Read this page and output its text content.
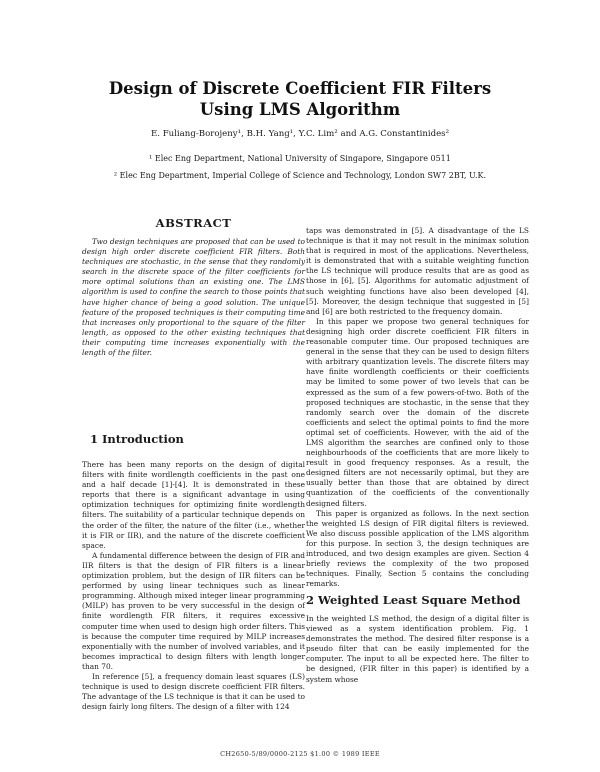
Design of Discrete Coefficient FIR Filters
Using LMS Algorithm
E. Fuliang-Borojeny¹, B.H. Yang¹, Y.C. Lim² and A.G. Constantinides²
¹ Elec Eng Department, National University of Singapore, Singapore 0511
² Elec Eng Department, Imperial College of Science and Technology, London SW7 2BT, U.K.
ABSTRACT

Two design techniques are proposed that can be used to design high order discrete coefficient FIR filters. Both techniques are stochastic, in the sense that they randomly search in the discrete space of the filter coefficients for more optimal solutions than an existing one. The LMS algorithm is used to confine the search to those points that have higher chance of being a good solution. The unique feature of the proposed techniques is their computing time that increases only proportional to the square of the filter length, as opposed to the other existing techniques that their computing time increases exponentially with the length of the filter.

1 Introduction

There has been many reports on the design of digital filters with finite wordlength coefficients in the past one and a half decade [1]-[4]. It is demonstrated in these reports that there is a significant advantage in using optimization techniques for optimizing finite wordlength filters. The suitability of a particular technique depends on the order of the filter, the nature of the filter (i.e., whether it is FIR or IIR), and the nature of the discrete coefficient space.

A fundamental difference between the design of FIR and IIR filters is that the design of FIR filters is a linear optimization problem, but the design of IIR filters can be performed by using linear techniques such as linear programming. Although mixed integer linear programming (MILP) has proven to be very successful in the design of finite wordlength FIR filters, it requires excessive computer time when used to design high order filters. This is because the computer time required by MILP increases exponentially with the number of involved variables, and it becomes impractical to design filters with length longer than 70.

In reference [5], a frequency domain least squares (LS) technique is used to design discrete coefficient FIR filters. The advantage of the LS technique is that it can be used to design fairly long filters. The design of a filter with 124

taps was demonstrated in [5]. A disadvantage of the LS technique is that it may not result in the minimax solution that is required in most of the applications. Nevertheless, it is demonstrated that with a suitable weighting function the LS technique will produce results that are as good as those in [6], [5]. Algorithms for automatic adjustment of such weighting functions have also been developed [4], [5]. Moreover, the design technique that suggested in [5] and [6] are both restricted to the frequency domain.

In this paper we propose two general techniques for designing high order discrete coefficient FIR filters in reasonable computer time. Our proposed techniques are general in the sense that they can be used to design filters with arbitrary quantization levels. The discrete filters may have finite wordlength coefficients or their coefficients may be limited to some power of two levels that can be expressed as the sum of a few powers-of-two. Both of the proposed techniques are stochastic, in the sense that they randomly search over the domain of the discrete coefficients and select the optimal points to find the more optimal set of coefficients. However, with the aid of the LMS algorithm the searches are confined only to those neighbourhoods of the coefficients that are more likely to result in good frequency responses. As a result, the designed filters are not necessarily optimal, but they are usually better than those that are obtained by direct quantization of the coefficients of the conventionally designed filters.

This paper is organized as follows. In the next section the weighted LS design of FIR digital filters is reviewed. We also discuss possible application of the LMS algorithm for this purpose. In section 3, the design techniques are introduced, and two design examples are given. Section 4 briefly reviews the complexity of the two proposed techniques. Finally, Section 5 contains the concluding remarks.

2 Weighted Least Square Method

In the weighted LS method, the design of a digital filter is viewed as a system identification problem. Fig. 1 demonstrates the method. The desired filter response is a pseudo filter that can be easily implemented for the computer. The input to all be expected here. The filter to be designed, (FIR filter in this paper) is identified by a system whose

CH2650-5/89/0000-2125 $1.00 © 1989 IEEE
